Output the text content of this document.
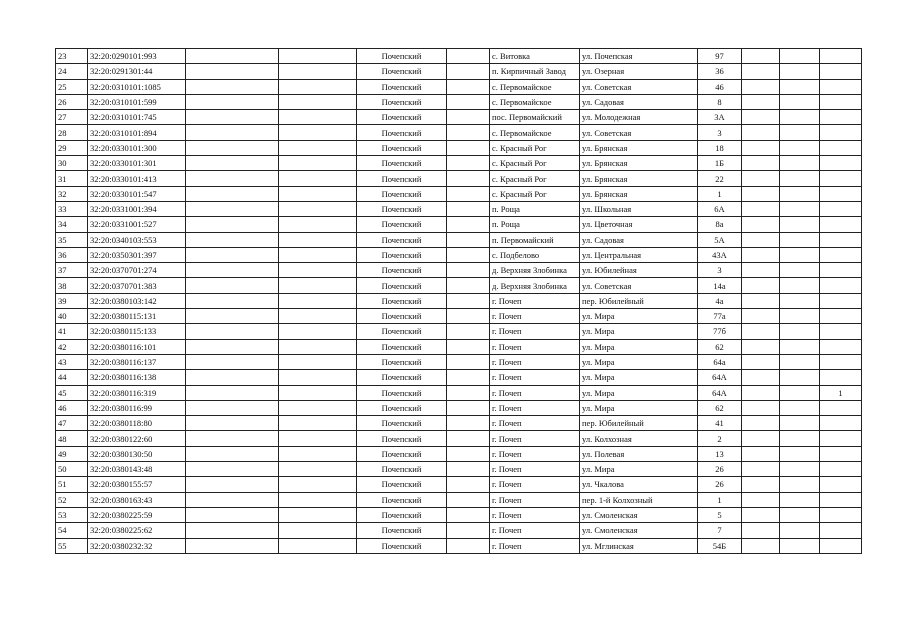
23	32:20:0290101:993			Почепский		с. Витовка	ул. Почепская	97			
24	32:20:0291301:44			Почепский		п. Кирпичный Завод	ул. Озерная	36			
25	32:20:0310101:1085			Почепский		с. Первомайское	ул. Советская	46			
26	32:20:0310101:599			Почепский		с. Первомайское	ул. Садовая	8			
27	32:20:0310101:745			Почепский		пос. Первомайский	ул. Молодежная	3А			
28	32:20:0310101:894			Почепский		с. Первомайское	ул. Советская	3			
29	32:20:0330101:300			Почепский		с. Красный Рог	ул. Брянская	18			
30	32:20:0330101:301			Почепский		с. Красный Рог	ул. Брянская	1Б			
31	32:20:0330101:413			Почепский		с. Красный Рог	ул. Брянская	22			
32	32:20:0330101:547			Почепский		с. Красный Рог	ул. Брянская	1			
33	32:20:0331001:394			Почепский		п. Роща	ул. Школьная	6А			
34	32:20:0331001:527			Почепский		п. Роща	ул. Цветочная	8а			
35	32:20:0340103:553			Почепский		п. Первомайский	ул. Садовая	5А			
36	32:20:0350301:397			Почепский		с. Подбелово	ул. Центральная	43А			
37	32:20:0370701:274			Почепский		д. Верхняя Злобинка	ул. Юбилейная	3			
38	32:20:0370701:383			Почепский		д. Верхняя Злобинка	ул. Советская	14а			
39	32:20:0380103:142			Почепский		г. Почеп	пер. Юбилейный	4а			
40	32:20:0380115:131			Почепский		г. Почеп	ул. Мира	77а			
41	32:20:0380115:133			Почепский		г. Почеп	ул. Мира	77б			
42	32:20:0380116:101			Почепский		г. Почеп	ул. Мира	62			
43	32:20:0380116:137			Почепский		г. Почеп	ул. Мира	64а			
44	32:20:0380116:138			Почепский		г. Почеп	ул. Мира	64А			
45	32:20:0380116:319			Почепский		г. Почеп	ул. Мира	64А			1
46	32:20:0380116:99			Почепский		г. Почеп	ул. Мира	62			
47	32:20:0380118:80			Почепский		г. Почеп	пер. Юбилейный	41			
48	32:20:0380122:60			Почепский		г. Почеп	ул. Колхозная	2			
49	32:20:0380130:50			Почепский		г. Почеп	ул. Полевая	13			
50	32:20:0380143:48			Почепский		г. Почеп	ул. Мира	26			
51	32:20:0380155:57			Почепский		г. Почеп	ул. Чкалова	26			
52	32:20:0380163:43			Почепский		г. Почеп	пер. 1-й Колхозный	1			
53	32:20:0380225:59			Почепский		г. Почеп	ул. Смоленская	5			
54	32:20:0380225:62			Почепский		г. Почеп	ул. Смоленская	7			
55	32:20:0380232:32			Почепский		г. Почеп	ул. Мглинская	54Б			
